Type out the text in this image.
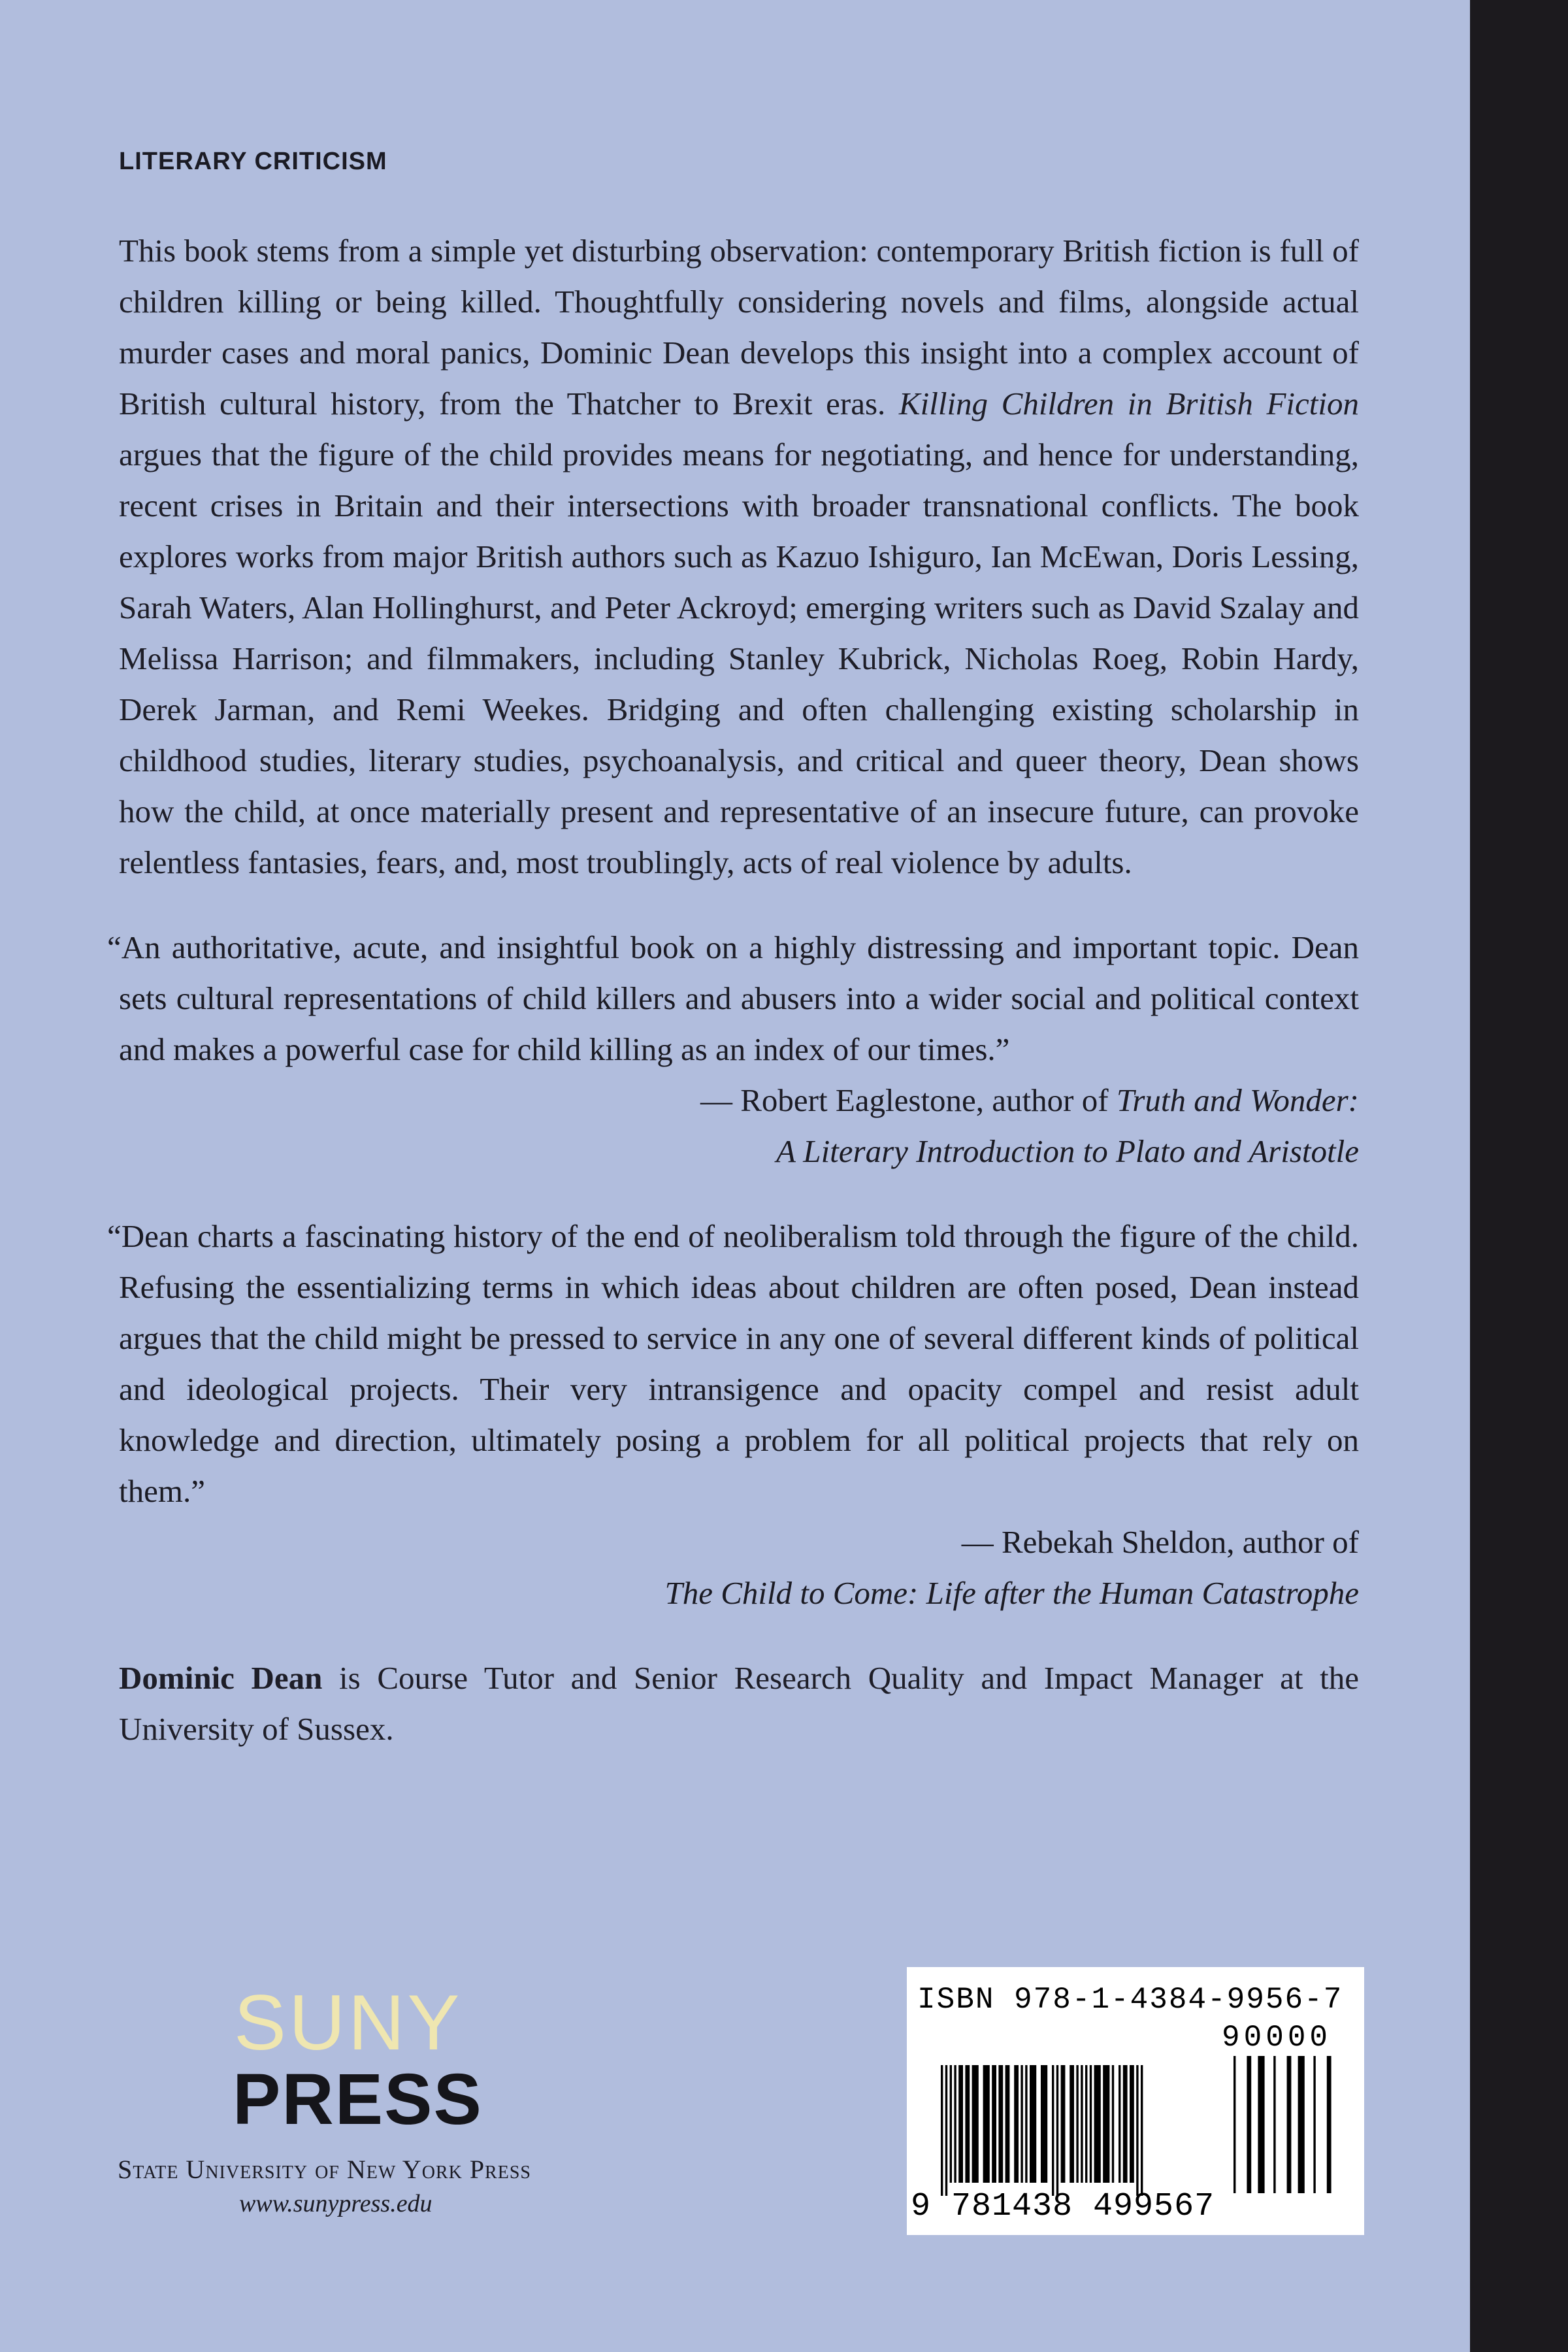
LITERARY CRITICISM

This book stems from a simple yet disturbing observation: contemporary British fiction is full of children killing or being killed. Thoughtfully considering novels and films, alongside actual murder cases and moral panics, Dominic Dean develops this insight into a complex account of British cultural history, from the Thatcher to Brexit eras. Killing Children in British Fiction argues that the figure of the child provides means for negotiating, and hence for understanding, recent crises in Britain and their intersections with broader transnational conflicts. The book explores works from major British authors such as Kazuo Ishiguro, Ian McEwan, Doris Lessing, Sarah Waters, Alan Hollinghurst, and Peter Ackroyd; emerging writers such as David Szalay and Melissa Harrison; and filmmakers, including Stanley Kubrick, Nicholas Roeg, Robin Hardy, Derek Jarman, and Remi Weekes. Bridging and often challenging existing scholarship in childhood studies, literary studies, psychoanalysis, and critical and queer theory, Dean shows how the child, at once materially present and representative of an insecure future, can provoke relentless fantasies, fears, and, most troublingly, acts of real violence by adults.

“An authoritative, acute, and insightful book on a highly distressing and important topic. Dean sets cultural representations of child killers and abusers into a wider social and political context and makes a powerful case for child killing as an index of our times.”

— Robert Eaglestone, author of Truth and Wonder:
A Literary Introduction to Plato and Aristotle

“Dean charts a fascinating history of the end of neoliberalism told through the figure of the child. Refusing the essentializing terms in which ideas about children are often posed, Dean instead argues that the child might be pressed to service in any one of several different kinds of political and ideological projects. Their very intransigence and opacity compel and resist adult knowledge and direction, ultimately posing a problem for all political projects that rely on them.”

— Rebekah Sheldon, author of
The Child to Come: Life after the Human Catastrophe

Dominic Dean is Course Tutor and Senior Research Quality and Impact Manager at the University of Sussex.

SUNY
PRESS
State University of New York Press
www.sunypress.edu
ISBN 978-1-4384-9956-7
90000
9 781438 499567
